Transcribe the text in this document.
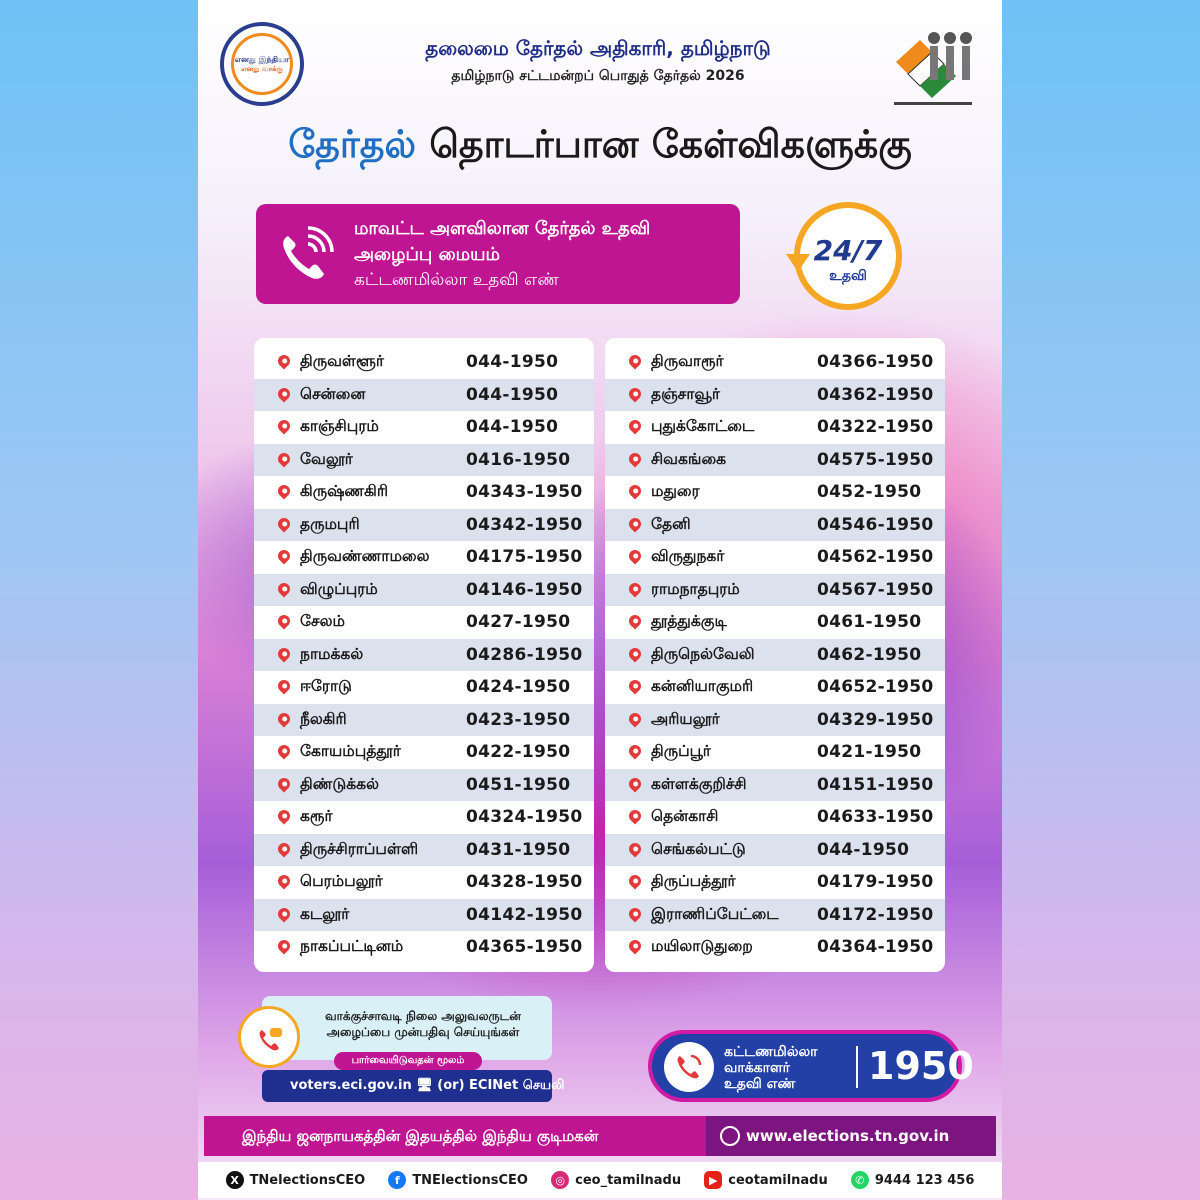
எனது இந்தியா
எனது வாக்கு
தலைமை தேர்தல் அதிகாரி, தமிழ்நாடு
தமிழ்நாடு சட்டமன்றப் பொதுத் தேர்தல் 2026
தேர்தல் தொடர்பான கேள்விகளுக்கு
மாவட்ட அளவிலான தேர்தல் உதவி
அழைப்பு மையம்
கட்டணமில்லா உதவி எண்
24/7
உதவி
திருவள்ளூர்	044-1950
சென்னை	044-1950
காஞ்சிபுரம்	044-1950
வேலூர்	0416-1950
கிருஷ்ணகிரி	04343-1950
தருமபுரி	04342-1950
திருவண்ணாமலை 04175-1950
விழுப்புரம்	04146-1950
சேலம்	0427-1950
நாமக்கல்	04286-1950
ஈரோடு	0424-1950
நீலகிரி	0423-1950
கோயம்புத்தூர்	0422-1950
திண்டுக்கல்	0451-1950
கரூர்	04324-1950
திருச்சிராப்பள்ளி	0431-1950
பெரம்பலூர்	04328-1950
கடலூர்	04142-1950
நாகப்பட்டினம்	04365-1950
திருவாரூர்	04366-1950
தஞ்சாவூர்	04362-1950
புதுக்கோட்டை	04322-1950
சிவகங்கை	04575-1950
மதுரை	0452-1950
தேனி	04546-1950
விருதுநகர்	04562-1950
ராமநாதபுரம்	04567-1950
தூத்துக்குடி	0461-1950
திருநெல்வேலி	0462-1950
கன்னியாகுமரி	04652-1950
அரியலூர்	04329-1950
திருப்பூர்	0421-1950
கள்ளக்குறிச்சி	04151-1950
தென்காசி	04633-1950
செங்கல்பட்டு	044-1950
திருப்பத்தூர்	04179-1950
இராணிப்பேட்டை 04172-1950
மயிலாடுதுறை	04364-1950
வாக்குச்சாவடி நிலை அலுவலருடன்
அழைப்பை முன்பதிவு செய்யுங்கள்
பார்வையிடுவதன் மூலம்
voters.eci.gov.in 🖥 (or) ECINet செயலி
கட்டணமில்லா
வாக்காளர்
உதவி எண்	1950
இந்திய ஜனநாயகத்தின் இதயத்தில் இந்திய குடிமகன்	www.elections.tn.gov.in
X TNelectionsCEO	f TNElectionsCEO	◎ ceo_tamilnadu	▶ ceotamilnadu	✆ 9444 123 456
